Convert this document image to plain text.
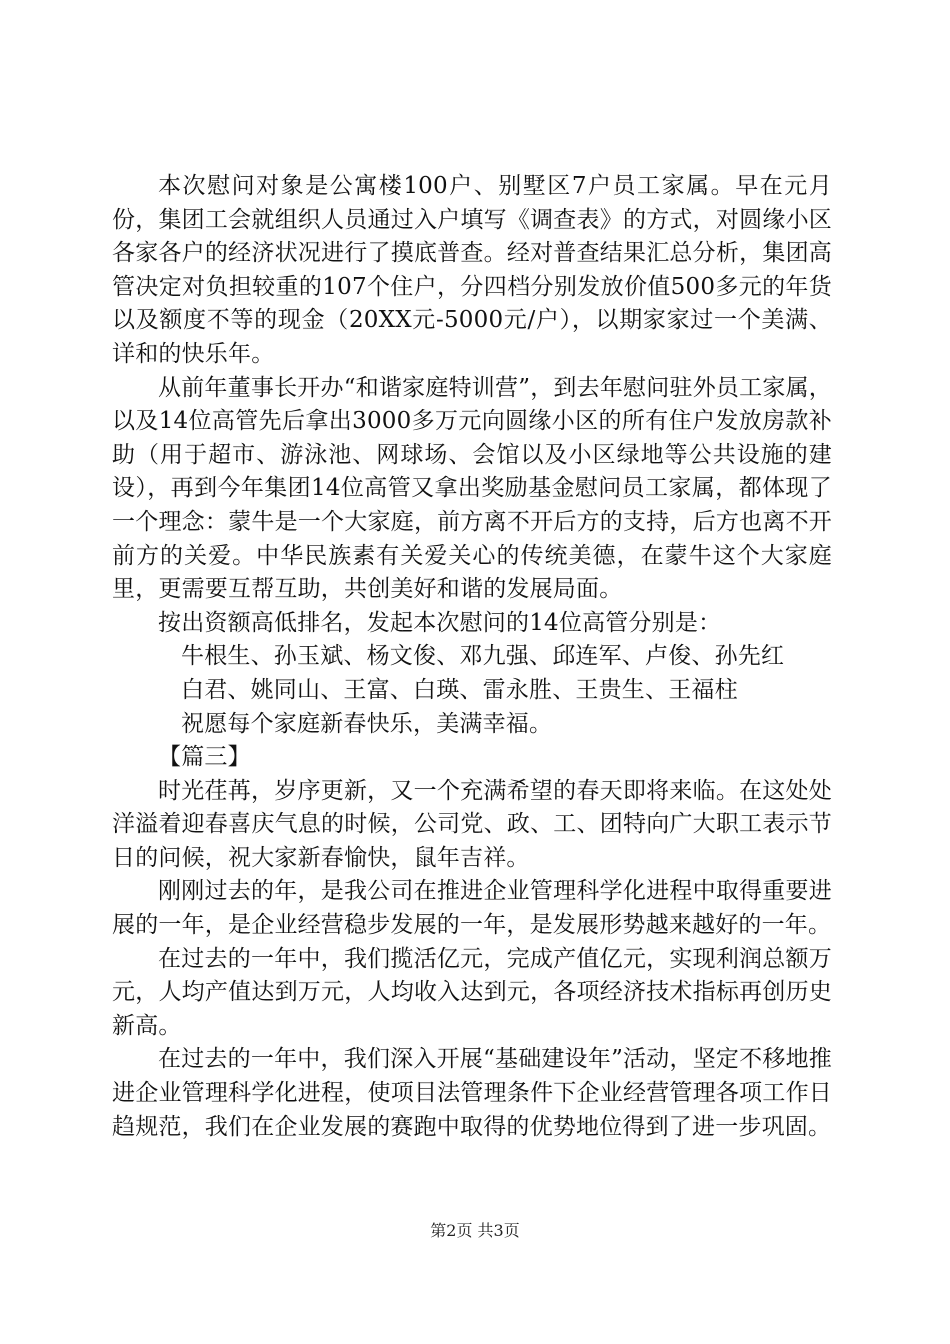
本次慰问对象是公寓楼100户、别墅区7户员工家属。早在元月份，集团工会就组织人员通过入户填写《调查表》的方式，对圆缘小区各家各户的经济状况进行了摸底普查。经对普查结果汇总分析，集团高管决定对负担较重的107个住户，分四档分别发放价值500多元的年货以及额度不等的现金（20XX元-5000元/户），以期家家过一个美满、详和的快乐年。

从前年董事长开办“和谐家庭特训营”，到去年慰问驻外员工家属，以及14位高管先后拿出3000多万元向圆缘小区的所有住户发放房款补助（用于超市、游泳池、网球场、会馆以及小区绿地等公共设施的建设），再到今年集团14位高管又拿出奖励基金慰问员工家属，都体现了一个理念：蒙牛是一个大家庭，前方离不开后方的支持，后方也离不开前方的关爱。中华民族素有关爱关心的传统美德，在蒙牛这个大家庭里，更需要互帮互助，共创美好和谐的发展局面。

按出资额高低排名，发起本次慰问的14位高管分别是：

牛根生、孙玉斌、杨文俊、邓九强、邱连军、卢俊、孙先红

白君、姚同山、王富、白瑛、雷永胜、王贵生、王福柱

祝愿每个家庭新春快乐，美满幸福。

【篇三】

时光荏苒，岁序更新，又一个充满希望的春天即将来临。在这处处洋溢着迎春喜庆气息的时候，公司党、政、工、团特向广大职工表示节日的问候，祝大家新春愉快，鼠年吉祥。

刚刚过去的年，是我公司在推进企业管理科学化进程中取得重要进展的一年，是企业经营稳步发展的一年，是发展形势越来越好的一年。

在过去的一年中，我们揽活亿元，完成产值亿元，实现利润总额万元，人均产值达到万元，人均收入达到元，各项经济技术指标再创历史新高。

在过去的一年中，我们深入开展“基础建设年”活动，坚定不移地推进企业管理科学化进程，使项目法管理条件下企业经营管理各项工作日趋规范，我们在企业发展的赛跑中取得的优势地位得到了进一步巩固。

第2页 共3页
